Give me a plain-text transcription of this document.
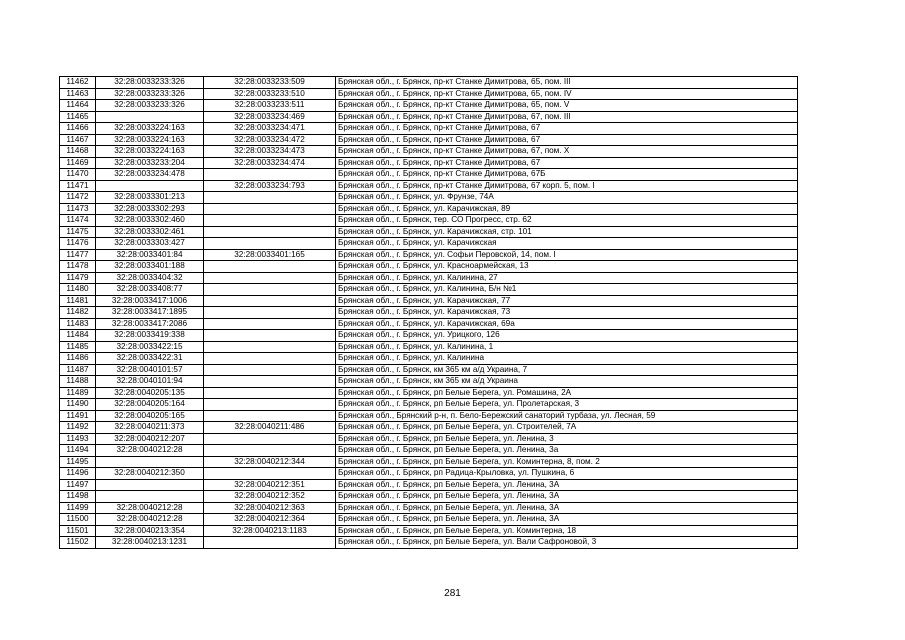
11462	32:28:0033233:326	32:28:0033233:509	Брянская обл., г. Брянск, пр-кт Станке Димитрова, 65, пом. III
11463	32:28:0033233:326	32:28:0033233:510	Брянская обл., г. Брянск, пр-кт Станке Димитрова, 65, пом. IV
11464	32:28:0033233:326	32:28:0033233:511	Брянская обл., г. Брянск, пр-кт Станке Димитрова, 65, пом. V
11465		32:28:0033234:469	Брянская обл., г. Брянск, пр-кт Станке Димитрова, 67, пом. III
11466	32:28:0033224:163	32:28:0033234:471	Брянская обл., г. Брянск, пр-кт Станке Димитрова, 67
11467	32:28:0033224:163	32:28:0033234:472	Брянская обл., г. Брянск, пр-кт Станке Димитрова, 67
11468	32:28:0033224:163	32:28:0033234:473	Брянская обл., г. Брянск, пр-кт Станке Димитрова, 67, пом. X
11469	32:28:0033233:204	32:28:0033234:474	Брянская обл., г. Брянск, пр-кт Станке Димитрова, 67
11470	32:28:0033234:478		Брянская обл., г. Брянск, пр-кт Станке Димитрова, 67Б
11471		32:28:0033234:793	Брянская обл., г. Брянск, пр-кт Станке Димитрова, 67 корп. 5, пом. I
11472	32:28:0033301:213		Брянская обл., г. Брянск, ул. Фрунзе, 74А
11473	32:28:0033302:293		Брянская обл., г. Брянск, ул. Карачижская, 89
11474	32:28:0033302:460		Брянская обл., г. Брянск, тер. СО Прогресс, стр. 62
11475	32:28:0033302:461		Брянская обл., г. Брянск, ул. Карачижская, стр. 101
11476	32:28:0033303:427		Брянская обл., г. Брянск, ул. Карачижская
11477	32:28:0033401:84	32:28:0033401:165	Брянская обл., г. Брянск, ул. Софьи Перовской, 14, пом. I
11478	32:28:0033401:188		Брянская обл., г. Брянск, ул. Красноармейская, 13
11479	32:28:0033404:32		Брянская обл., г. Брянск, ул. Калинина, 27
11480	32:28:0033408:77		Брянская обл., г. Брянск, ул. Калинина, Б/н №1
11481	32:28:0033417:1006		Брянская обл., г. Брянск, ул. Карачижская, 77
11482	32:28:0033417:1895		Брянская обл., г. Брянск, ул. Карачижская, 73
11483	32:28:0033417:2086		Брянская обл., г. Брянск, ул. Карачижская, 69а
11484	32:28:0033419:338		Брянская обл., г. Брянск, ул. Урицкого, 126
11485	32:28:0033422:15		Брянская обл., г. Брянск, ул. Калинина, 1
11486	32:28:0033422:31		Брянская обл., г. Брянск, ул. Калинина
11487	32:28:0040101:57		Брянская обл., г. Брянск, км 365 км а/д Украина, 7
11488	32:28:0040101:94		Брянская обл., г. Брянск, км 365 км а/д Украина
11489	32:28:0040205:135		Брянская обл., г. Брянск, рп Белые Берега, ул. Ромашина, 2А
11490	32:28:0040205:164		Брянская обл., г. Брянск, рп Белые Берега, ул. Пролетарская, 3
11491	32:28:0040205:165		Брянская обл., Брянский р-н, п. Бело-Бережский санаторий турбаза, ул. Лесная, 59
11492	32:28:0040211:373	32:28:0040211:486	Брянская обл., г. Брянск, рп Белые Берега, ул. Строителей, 7А
11493	32:28:0040212:207		Брянская обл., г. Брянск, рп Белые Берега, ул. Ленина, 3
11494	32:28:0040212:28		Брянская обл., г. Брянск, рп Белые Берега, ул. Ленина, 3а
11495		32:28:0040212:344	Брянская обл., г. Брянск, рп Белые Берега, ул. Коминтерна, 8, пом. 2
11496	32:28:0040212:350		Брянская обл., г. Брянск, рп Радица-Крыловка, ул. Пушкина, 6
11497		32:28:0040212:351	Брянская обл., г. Брянск, рп Белые Берега, ул. Ленина, 3А
11498		32:28:0040212:352	Брянская обл., г. Брянск, рп Белые Берега, ул. Ленина, 3А
11499	32:28:0040212:28	32:28:0040212:363	Брянская обл., г. Брянск, рп Белые Берега, ул. Ленина, 3А
11500	32:28:0040212:28	32:28:0040212:364	Брянская обл., г. Брянск, рп Белые Берега, ул. Ленина, 3А
11501	32:28:0040213:354	32:28:0040213:1183	Брянская обл., г. Брянск, рп Белые Берега, ул. Коминтерна, 18
11502	32:28:0040213:1231		Брянская обл., г. Брянск, рп Белые Берега, ул. Вали Сафроновой, 3
281
